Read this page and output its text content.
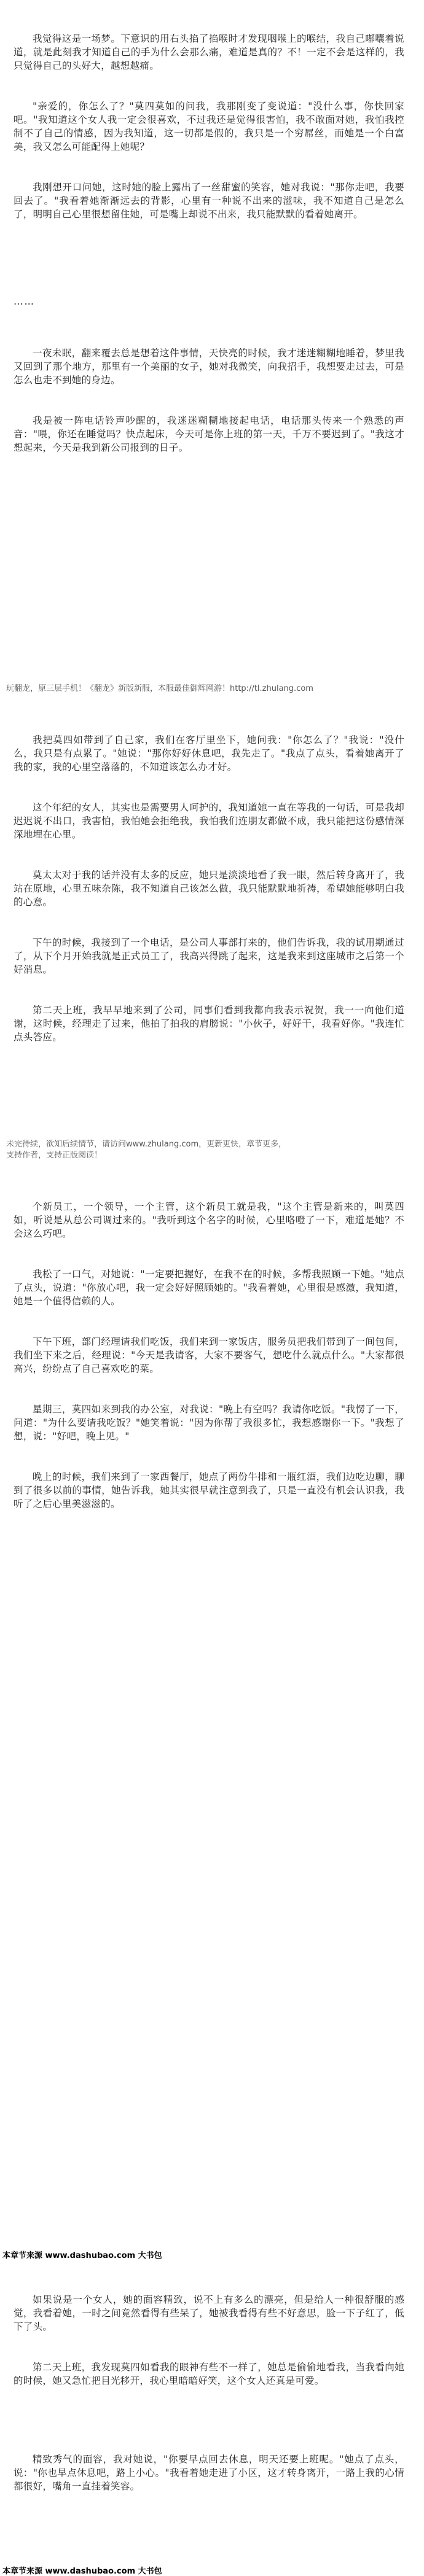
我觉得这是一场梦。下意识的用右头掐了掐喉时才发现咽喉上的喉结，我自己嘟囔着说道，就是此刻我才知道自己的手为什么会那么痛，难道是真的？不！一定不会是这样的，我只觉得自己的头好大，越想越痛。

"亲爱的，你怎么了？"莫四莫如的问我，我那刚变了变说道："没什么事，你快回家吧。"我知道这个女人我一定会很喜欢，不过我还是觉得很害怕，我不敢面对她，我怕我控制不了自己的情感，因为我知道，这一切都是假的，我只是一个穷屌丝，而她是一个白富美，我又怎么可能配得上她呢？

我刚想开口问她，这时她的脸上露出了一丝甜蜜的笑容，她对我说："那你走吧，我要回去了。"我看着她渐渐远去的背影，心里有一种说不出来的滋味，我不知道自己是怎么了，明明自己心里很想留住她，可是嘴上却说不出来，我只能默默的看着她离开。

……

一夜未眠，翻来覆去总是想着这件事情，天快亮的时候，我才迷迷糊糊地睡着，梦里我又回到了那个地方，那里有一个美丽的女子，她对我微笑，向我招手，我想要走过去，可是怎么也走不到她的身边。

我是被一阵电话铃声吵醒的，我迷迷糊糊地接起电话，电话那头传来一个熟悉的声音："喂，你还在睡觉吗？快点起床，今天可是你上班的第一天，千万不要迟到了。"我这才想起来，今天是我到新公司报到的日子。

玩翻龙，原三层手机！《翻龙》新版新服，本服最佳御辉网游！http://tl.zhulang.com

我把莫四如带到了自己家，我们在客厅里坐下，她问我："你怎么了？"我说："没什么，我只是有点累了。"她说："那你好好休息吧，我先走了。"我点了点头，看着她离开了我的家，我的心里空落落的，不知道该怎么办才好。

这个年纪的女人，其实也是需要男人呵护的，我知道她一直在等我的一句话，可是我却迟迟说不出口，我害怕，我怕她会拒绝我，我怕我们连朋友都做不成，我只能把这份感情深深地埋在心里。

莫太太对于我的话并没有太多的反应，她只是淡淡地看了我一眼，然后转身离开了，我站在原地，心里五味杂陈，我不知道自己该怎么做，我只能默默地祈祷，希望她能够明白我的心意。

下午的时候，我接到了一个电话，是公司人事部打来的，他们告诉我，我的试用期通过了，从下个月开始我就是正式员工了，我高兴得跳了起来，这是我来到这座城市之后第一个好消息。

第二天上班，我早早地来到了公司，同事们看到我都向我表示祝贺，我一一向他们道谢，这时候，经理走了过来，他拍了拍我的肩膀说："小伙子，好好干，我看好你。"我连忙点头答应。

未完待续，欲知后续情节，请访问www.zhulang.com，更新更快，章节更多，
支持作者，支持正版阅读！

个新员工，一个领导，一个主管，这个新员工就是我，"这个主管是新来的，叫莫四如，听说是从总公司调过来的。"我听到这个名字的时候，心里咯噔了一下，难道是她？不会这么巧吧。

我松了一口气，对她说："一定要把握好，在我不在的时候，多帮我照顾一下她。"她点了点头，说道："你放心吧，我一定会好好照顾她的。"我看着她，心里很是感激，我知道，她是一个值得信赖的人。

下午下班，部门经理请我们吃饭，我们来到一家饭店，服务员把我们带到了一间包间，我们坐下来之后，经理说："今天是我请客，大家不要客气，想吃什么就点什么。"大家都很高兴，纷纷点了自己喜欢吃的菜。

星期三，莫四如来到我的办公室，对我说："晚上有空吗？我请你吃饭。"我愣了一下，问道："为什么要请我吃饭？"她笑着说："因为你帮了我很多忙，我想感谢你一下。"我想了想，说："好吧，晚上见。"

晚上的时候，我们来到了一家西餐厅，她点了两份牛排和一瓶红酒，我们边吃边聊，聊到了很多以前的事情，她告诉我，她其实很早就注意到我了，只是一直没有机会认识我，我听了之后心里美滋滋的。

本章节来源 www.dashubao.com 大书包

如果说是一个女人，她的面容精致，说不上有多么的漂亮，但是给人一种很舒服的感觉，我看着她，一时之间竟然看得有些呆了，她被我看得有些不好意思，脸一下子红了，低下了头。

第二天上班，我发现莫四如看我的眼神有些不一样了，她总是偷偷地看我，当我看向她的时候，她又急忙把目光移开，我心里暗暗好笑，这个女人还真是可爱。

精致秀气的面容，我对她说，"你要早点回去休息，明天还要上班呢。"她点了点头，说："你也早点休息吧，路上小心。"我看着她走进了小区，这才转身离开，一路上我的心情都很好，嘴角一直挂着笑容。

本章节来源 www.dashubao.com 大书包
